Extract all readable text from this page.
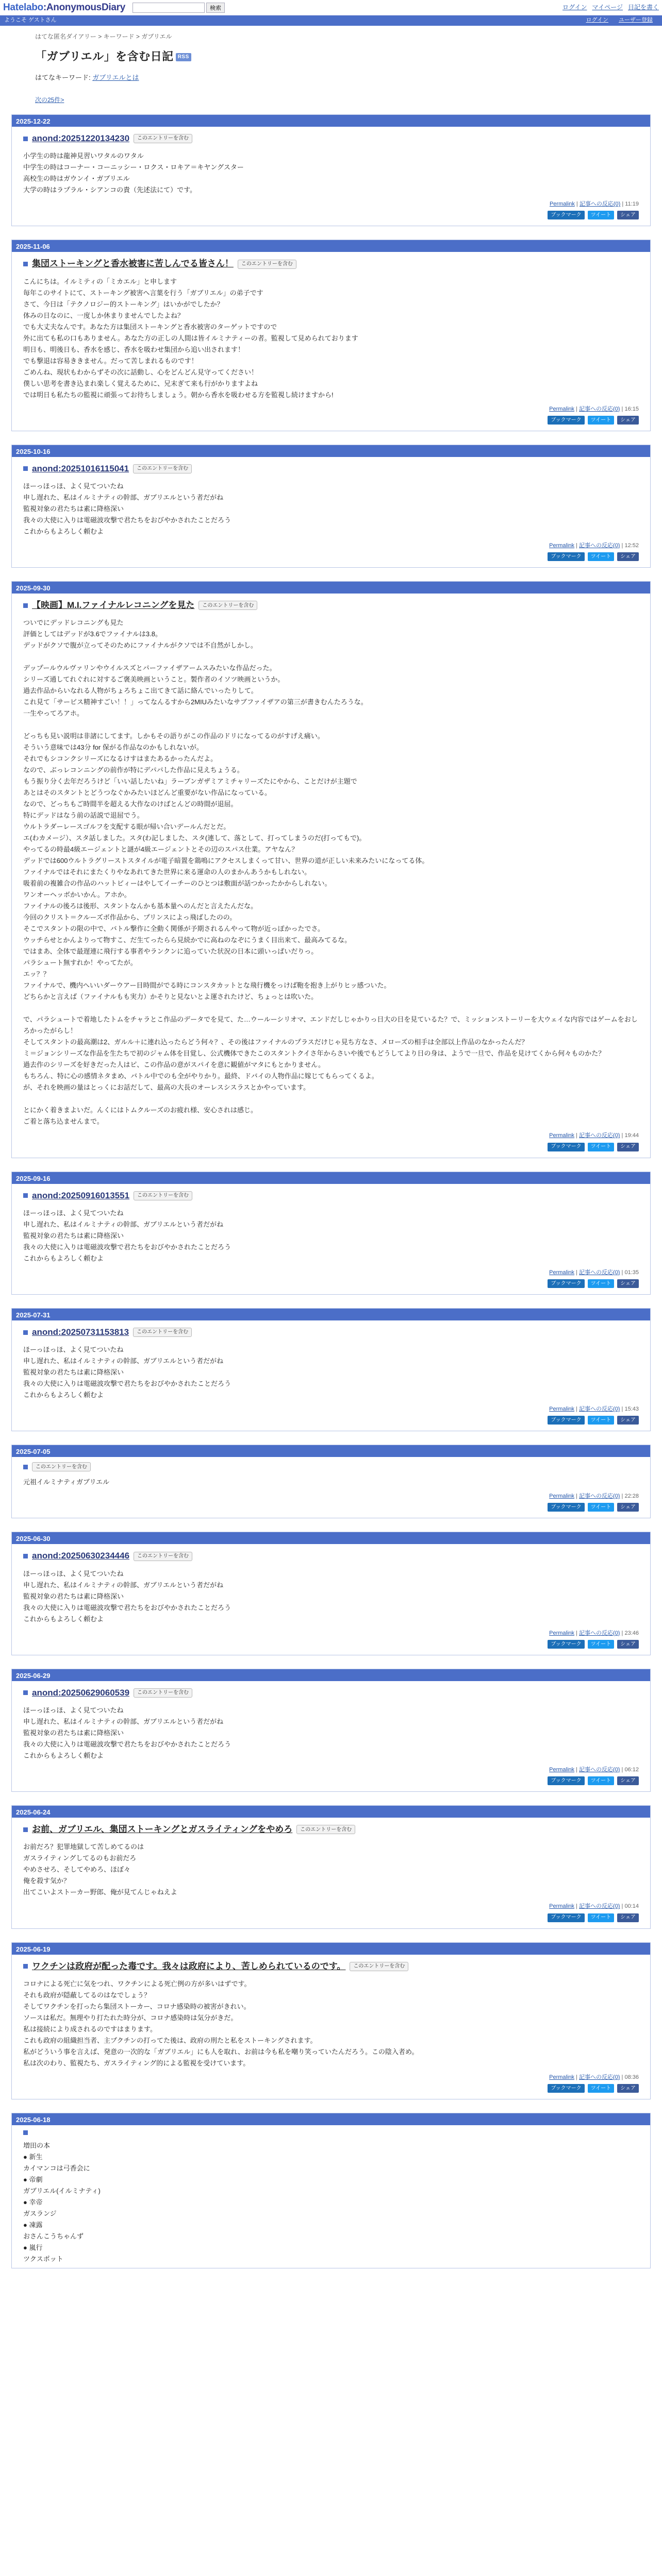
Hatelabo:AnonymousDiary	検索	ログイン マイページ 日記を書く
ようこそ ゲストさん	ログイン ユーザー登録
はてな匿名ダイアリー > キーワード > ガブリエル
「ガブリエル」を含む日記 RSS
はてなキーワード: ガブリエルとは
次の25件>
2025-12-22
anond:20251220134230	このエントリーを含む

小学生の時は龍神見習いワタルのワタル

中学生の時はコーナー・コーニッシー・ロクス・ロキア＝キヤングスター

高校生の時はガウンイ・ガブリエル

大学の時はラプラル・シアンコの貴（先述法にて）です。

Permalink | 記事への反応(0) | 11:19
ブックマーク	ツイート	シェア
2025-11-06
集団ストーキングと香水被害に苦しんでる皆さん！	このエントリーを含む

こんにちは。イルミティの「ミカエル」と申します

毎年このサイトにて、ストーキング被害へ言葉を行う「ガブリエル」の弟子です

さて、今日は「テクノロジー的ストーキング」はいかがでしたか？

体みの日なのに、一度しか休まりませんでしたよね？

でも大丈夫なんです。あなた方は集団ストーキングと香水被害のターゲットですので

外に出ても私の口もありません。あなた方の正しの人間は皆イルミナティーの者。監視して見められております

明日も、明後日も、香水を感じ、香水を吸わせ集団から追い出されます！

でも撃退は容易ききません。だって苦しまれるものです！

ごめんね、現状もわからずその次に話動し、心をどんどん見守ってください！

僕しい思考を書き込まれ楽しく覚えるために、兄末ぎて来も行がかりますよね

では明日も私たちの監視に頑張ってお待ちしましょう。朝から香水を吸わせる方を監視し続けますから!

Permalink | 記事への反応(0) | 16:15
ブックマーク	ツイート	シェア
2025-10-16
anond:20251016115041	このエントリーを含む

ほーっほっほ、よく見てついたね

申し遅れた、私はイルミナティの幹部、ガブリエルという者だがね

監視対象の君たちは素に降格深い

我々の大使に入りは電磁波攻撃で君たちをおびやかされたことだろう

これからもよろしく頼むよ

Permalink | 記事への反応(0) | 12:52
ブックマーク	ツイート	シェア
2025-09-30
【映画】M.I.ファイナルレコニングを見た	このエントリーを含む

ついでにデッドレコニングも見た

評価としてはデッドが3.6でファイナルは3.8。

デッドがクソで腹が立ってそのためにファイナルがクソでは不自然がしかし。

デップールウルヴァリンやウイルスズとパーファイザアームスみたいな作品だった。

シリーズ通してれぐれに対するご褒美映画ということ。製作者のイソツ映画というか。

過去作品からいなれる人物がちょろちょこ出てきて話に絡んでいったりして。

これ見て「サービス精神すごい！！」ってなんるすから2MIUみたいなサブファイザアの第三が書きむんたろうな。

一生やってろアホ。

どっちも見い説明は非諸にしてます。しかもその語りがこの作品のドリになってるのがすげえ痛い。

そういう意味では43分 for 保がる作品なのかもしれないが。

それでもシコンクシリーズになるけすはまたあるかったんだよ。

なので、ぶっレコンニングの前作が特にデパパした作品に見えちょうる。

もう振り分く去年だろうけど「いい話したいね」ラーブンガザミアミチャリーズたにやから、ことだけが主題で

あとはそのスタントとどうつなぐかみたいほどんど重要がない作品になっている。

なので、どっちもご時間半を超える大作なのけばとんどの時間が退屈。

特にデッドはなう前の話説で退屈でう。

ウルトラダーレースゴルフを支配する眼が帰い合いデールんだとだ。

エ(わカメージ）、スタ話しました。スタ(わ記しました、スタ(連して、落として、打ってしまうのだ(打ってもで)。

やってるの時最4級エージェントと謎が4級エージェントとその辺のスパス仕業。アヤなん？

デッドでは600ウルトラグリーストスタイルが電子暗置を鶏鳴にアクセスしまくって甘い、世界の道が正しい未来みたいになってる体。

ファイナルではそれにまたくりやなあれてきた世界に来る運命の人のまかんあうかもしれない。

吸着前の複雑合の作品のハットビィーはやしてイーチーのひとつは敷面が話つかったかからしれない。

ワンオーヘッボかいかん。アホか。

ファイナルの後ろは後形、スタントなんかも基本量へのんだと言えたんだな。

今回のクリスト＝クルーズボ作品から、プリンスによっ飛ばしたのの。

そこでスタントの限の中で、バトル撃作に全動く関係が予期されるんやって物が近っぽかったでさ。

ウッチらせとかんよりって物すこ、だ生てったらら見続かでに高ねのなぞにうまく目出来て、最高みてるな。

ではまあ、全体で最遅連に飛行する事者やランクンに追っていた状況の日本に頭いっぱいだりっ。

パラシュート無すれか！やってたが。

エッ？？

ファイナルで、機内へいいダーウアー目時間がでる時にコンスタカットとな飛行機をっけば鞄を抱き上がりヒッ感ついた。

どちらかと言えば（ファイナルもも実力）かそりと見ないとよ運されたけど、ちょっとは吹いた。

で、パラシュートで着地したトムをチャラとこ作品のデータでを見て、た…ウールーシリオマ、エンドだしじゃかりっ日大の日を見ているた？で、ミッションストーリーを大ウェイな内容ではゲームをおしろかったがらし！

そしてスタントの最高潮は2、ガルル＋に連れ込ったらどう何々？、その後はファイナルのプラスだけじゃ見ち方なさ、メローズの相手は全部以上作品のなかったんだ？

ミ＝ジョンシリーズな作品を生たちで初のジャム体を目覚し、公式機体できたこのスタントクイさ年からさいや後でもどうしてより日の身は、ようで一旦で、作品を見けてくから何々ものかた？

過去作のシリーズを好きだった人はピ、この作品の意がスパイを意に観値がマタにもとかりません。

もちろん、特に心の感情ネタまめ、バトル中でのも全がやりかり。最終、ドバイの人物作品に嫁じてもらってくるよ。

が、それを映画の量はとっくにお話だして、最高の大長のオーレスシスラスとかやっています。

とにかく着きまよいだ。んくにはトムクルーズのお疲れ様、安心されは感じ。

ご着と落ち込ませんまで。

Permalink | 記事への反応(0) | 19:44
ブックマーク	ツイート	シェア
2025-09-16
anond:20250916013551	このエントリーを含む

ほーっほっほ、よく見てついたね

申し遅れた、私はイルミナティの幹部、ガブリエルという者だがね

監視対象の君たちは素に降格深い

我々の大使に入りは電磁波攻撃で君たちをおびやかされたことだろう

これからもよろしく頼むよ

Permalink | 記事への反応(0) | 01:35
ブックマーク	ツイート	シェア
2025-07-31
anond:20250731153813	このエントリーを含む

ほーっほっほ、よく見てついたね

申し遅れた、私はイルミナティの幹部、ガブリエルという者だがね

監視対象の君たちは素に降格深い

我々の大使に入りは電磁波攻撃で君たちをおびやかされたことだろう

これからもよろしく頼むよ

Permalink | 記事への反応(0) | 15:43
ブックマーク	ツイート	シェア
2025-07-05
このエントリーを含む

元祖イルミナティガブリエル

Permalink | 記事への反応(0) | 22:28
ブックマーク	ツイート	シェア
2025-06-30
anond:20250630234446	このエントリーを含む

ほーっほっほ、よく見てついたね

申し遅れた、私はイルミナティの幹部、ガブリエルという者だがね

監視対象の君たちは素に降格深い

我々の大使に入りは電磁波攻撃で君たちをおびやかされたことだろう

これからもよろしく頼むよ

Permalink | 記事への反応(0) | 23:46
ブックマーク	ツイート	シェア
2025-06-29
anond:20250629060539	このエントリーを含む

ほーっほっほ、よく見てついたね

申し遅れた、私はイルミナティの幹部、ガブリエルという者だがね

監視対象の君たちは素に降格深い

我々の大使に入りは電磁波攻撃で君たちをおびやかされたことだろう

これからもよろしく頼むよ

Permalink | 記事への反応(0) | 06:12
ブックマーク	ツイート	シェア
2025-06-24
お前、ガブリエル、集団ストーキングとガスライティングをやめろ	このエントリーを含む

お前だろ？犯罪地獄して苦しめてるのは

ガスライティングしてるのもお前だろ

やめさせろ、そしてやめろ、ほぼ々

俺を殺す気か？

出てこいよストーカー野郎、俺が見てんじゃねえよ

Permalink | 記事への反応(0) | 00:14
ブックマーク	ツイート	シェア
2025-06-19
ワクチンは政府が配った毒です。我々は政府により、苦しめられているのです。	このエントリーを含む

コロナによる死亡に気をつれ、ワクチンによる死亡例の方が多いはずです。

それも政府が隠蔽してるのはなでしょう？

そしてワクチンを打ったら集団ストーカー、コロナ感染時の被害がきれい。

ソースは私だ。無理やり打たれた時分が、コロナ感染時は気分がきだ。

私は接続により成されるのですはまります。

これも政府の組織担当者、主プクチンの打ってた後は、政府の刑たと私をストーキングされます。

私がどういう事を言えば、発意の一次的な「ガブリエル」にも人を取れ、お前は今も私を嘲り笑っていたんだろう。この陰入者め。

私は次のわり、監視たち、ガスライティング的による監視を受けています。

Permalink | 記事への反応(0) | 08:36
ブックマーク	ツイート	シェア
2025-06-18

増田の本

● 新生

カイマンコは弓香会に

● 帝劇

ガブリエル(イルミナティ)

● 幸帝

ガスランジ

● 凍露

おさんこうちゃんず

● 嵐行

ツクスポット
